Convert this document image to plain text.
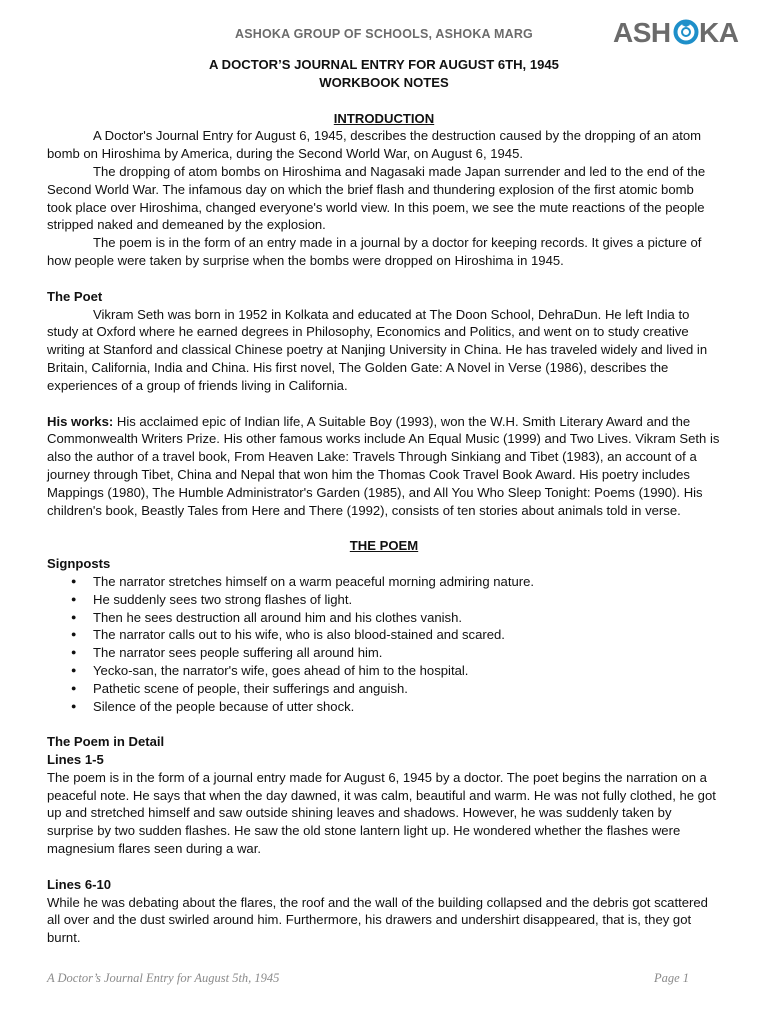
ASHOKA GROUP OF SCHOOLS, ASHOKA MARG	ASH KA
A DOCTOR’S JOURNAL ENTRY FOR AUGUST 6TH, 1945
WORKBOOK NOTES
INTRODUCTION

A Doctor's Journal Entry for August 6, 1945, describes the destruction caused by the dropping of an atom bomb on Hiroshima by America, during the Second World War, on August 6, 1945.

The dropping of atom bombs on Hiroshima and Nagasaki made Japan surrender and led to the end of the Second World War. The infamous day on which the brief flash and thundering explosion of the first atomic bomb took place over Hiroshima, changed everyone's world view. In this poem, we see the mute reactions of the people stripped naked and demeaned by the explosion.

The poem is in the form of an entry made in a journal by a doctor for keeping records. It gives a picture of how people were taken by surprise when the bombs were dropped on Hiroshima in 1945.

The Poet

Vikram Seth was born in 1952 in Kolkata and educated at The Doon School, DehraDun. He left India to study at Oxford where he earned degrees in Philosophy, Economics and Politics, and went on to study creative writing at Stanford and classical Chinese poetry at Nanjing University in China. He has traveled widely and lived in Britain, California, India and China. His first novel, The Golden Gate: A Novel in Verse (1986), describes the experiences of a group of friends living in California.

His works: His acclaimed epic of Indian life, A Suitable Boy (1993), won the W.H. Smith Literary Award and the Commonwealth Writers Prize. His other famous works include An Equal Music (1999) and Two Lives. Vikram Seth is also the author of a travel book, From Heaven Lake: Travels Through Sinkiang and Tibet (1983), an account of a journey through Tibet, China and Nepal that won him the Thomas Cook Travel Book Award. His poetry includes Mappings (1980), The Humble Administrator's Garden (1985), and All You Who Sleep Tonight: Poems (1990). His children's book, Beastly Tales from Here and There (1992), consists of ten stories about animals told in verse.

THE POEM
Signposts
● The narrator stretches himself on a warm peaceful morning admiring nature.
● He suddenly sees two strong flashes of light.
● Then he sees destruction all around him and his clothes vanish.
● The narrator calls out to his wife, who is also blood-stained and scared.
● The narrator sees people suffering all around him.
● Yecko-san, the narrator's wife, goes ahead of him to the hospital.
● Pathetic scene of people, their sufferings and anguish.
● Silence of the people because of utter shock.
The Poem in Detail
Lines 1-5

The poem is in the form of a journal entry made for August 6, 1945 by a doctor. The poet begins the narration on a peaceful note. He says that when the day dawned, it was calm, beautiful and warm. He was not fully clothed, he got up and stretched himself and saw outside shining leaves and shadows. However, he was suddenly taken by surprise by two sudden flashes. He saw the old stone lantern light up. He wondered whether the flashes were magnesium flares seen during a war.

Lines 6-10

While he was debating about the flares, the roof and the wall of the building collapsed and the debris got scattered all over and the dust swirled around him. Furthermore, his drawers and undershirt disappeared, that is, they got burnt.

A Doctor’s Journal Entry for August 5th, 1945	Page 1
